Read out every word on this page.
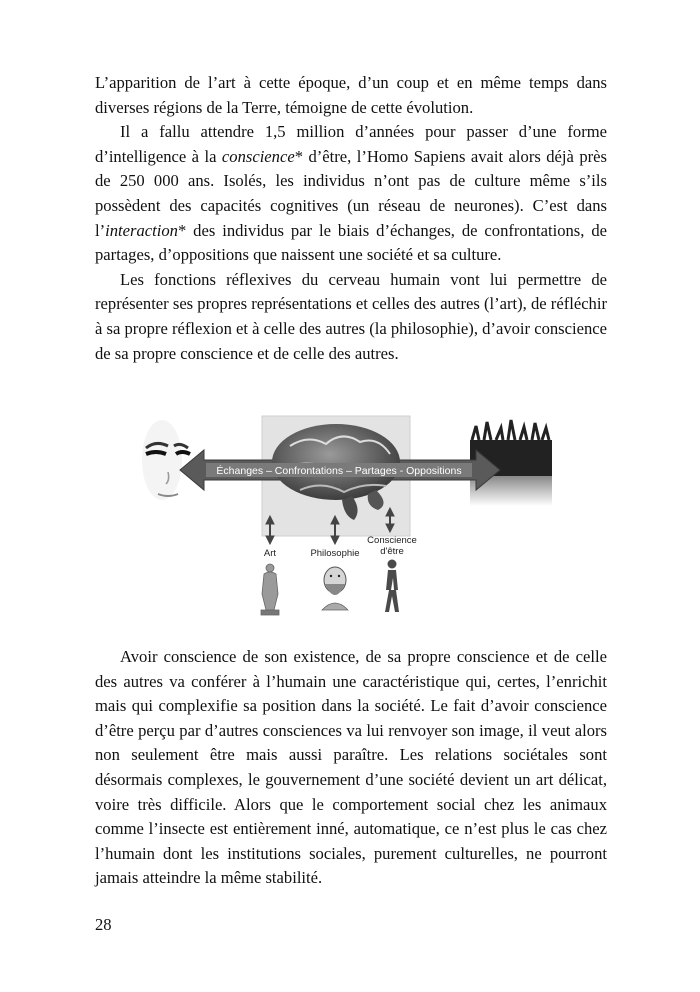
L’apparition de l’art à cette époque, d’un coup et en même temps dans diverses régions de la Terre, témoigne de cette évolution.

Il a fallu attendre 1,5 million d’années pour passer d’une forme d’intelligence à la conscience* d’être, l’Homo Sapiens avait alors déjà près de 250 000 ans. Isolés, les individus n’ont pas de culture même s’ils possèdent des capacités cognitives (un réseau de neurones). C’est dans l’interaction* des individus par le biais d’échanges, de confrontations, de partages, d’oppositions que naissent une société et sa culture.

Les fonctions réflexives du cerveau humain vont lui permettre de représenter ses propres représentations et celles des autres (l’art), de réfléchir à sa propre réflexion et à celle des autres (la philosophie), d’avoir conscience de sa propre conscience et de celle des autres.

Échanges – Confrontations – Partages - Oppositions
Art	Philosophie
Conscience
d'être

Avoir conscience de son existence, de sa propre conscience et de celle des autres va conférer à l’humain une caractéristique qui, certes, l’enrichit mais qui complexifie sa position dans la société. Le fait d’avoir conscience d’être perçu par d’autres consciences va lui renvoyer son image, il veut alors non seulement être mais aussi paraître. Les relations sociétales sont désormais complexes, le gouvernement d’une société devient un art délicat, voire très difficile. Alors que le comportement social chez les animaux comme l’insecte est entièrement inné, automatique, ce n’est plus le cas chez l’humain dont les institutions sociales, purement culturelles, ne pourront jamais atteindre la même stabilité.

28
